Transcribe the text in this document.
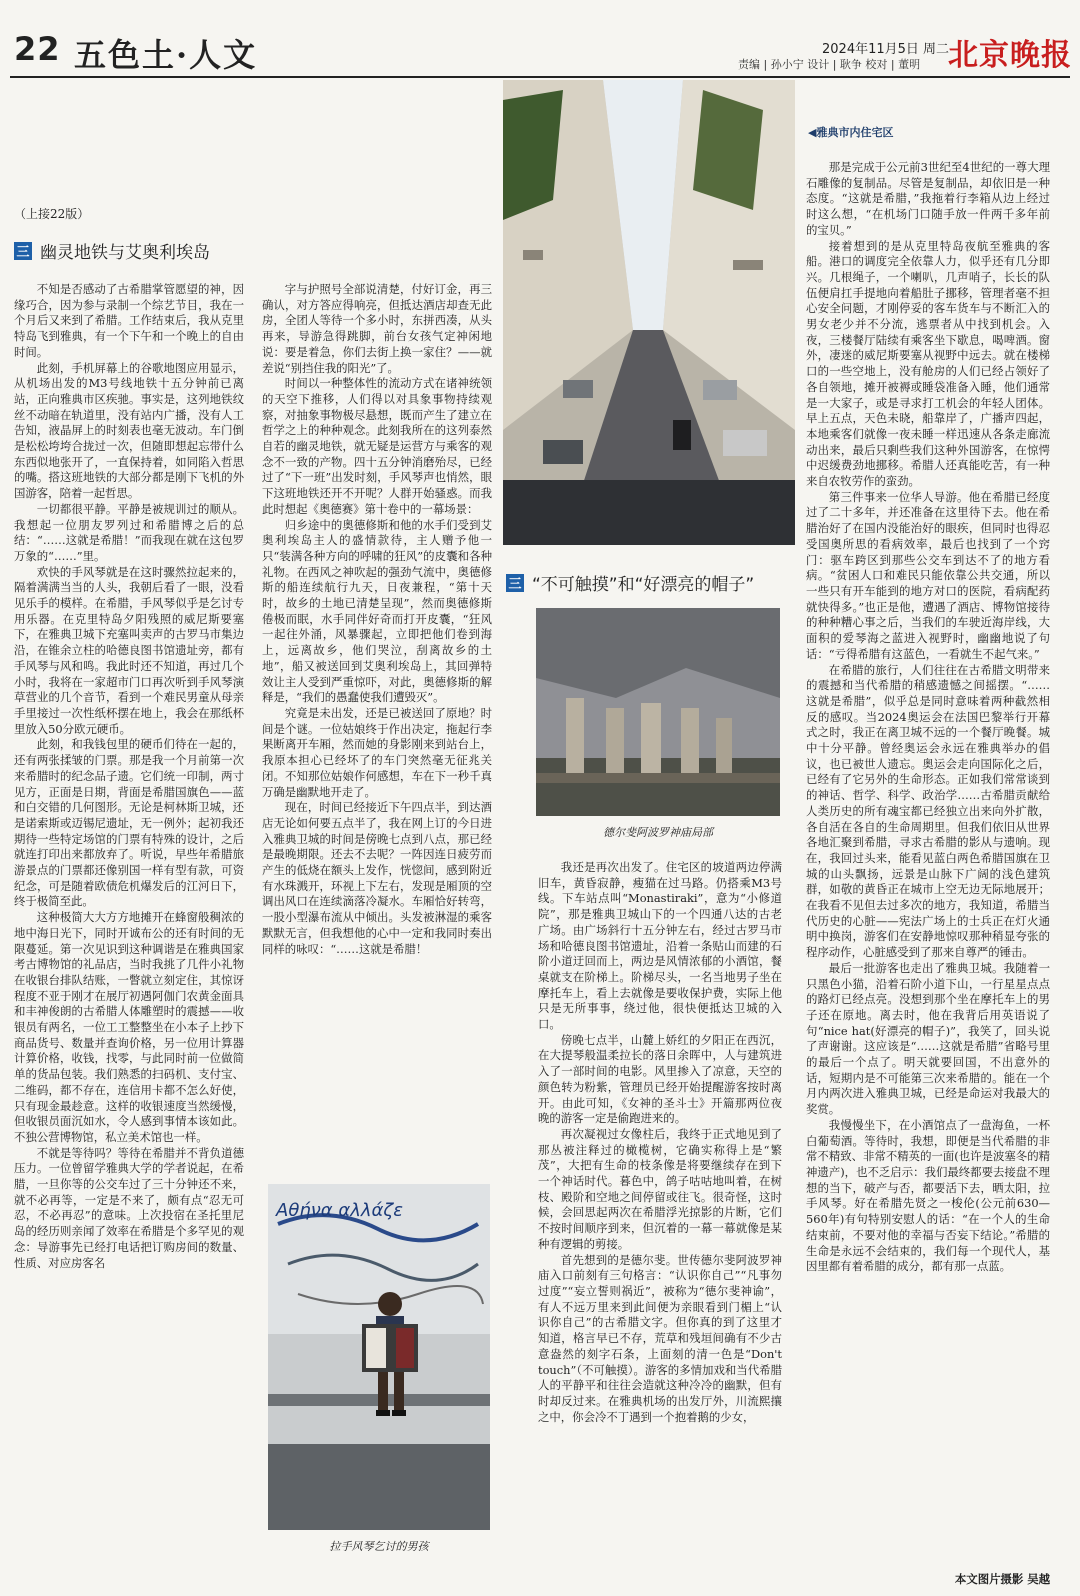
22 五色土·人文	2024年11月5日 周二
责编 | 孙小宁 设计 | 耿争 校对 | 董明 北京晚报
（上接22版）
三 幽灵地铁与艾奥利埃岛

不知是否感动了古希腊掌管愿望的神，因缘巧合，因为参与录制一个综艺节目，我在一个月后又来到了希腊。工作结束后，我从克里特岛飞到雅典，有一个下午和一个晚上的自由时间。

此刻，手机屏幕上的谷歌地图应用显示，从机场出发的M3号线地铁十五分钟前已离站，正向雅典市区疾驰。事实是，这列地铁纹丝不动暗在轨道里，没有站内广播，没有人工告知，液晶屏上的时刻表也毫无波动。车门倒是松松垮垮合拢过一次，但随即想起忘带什么东西似地张开了，一直保持着，如同陷入哲思的嘴。搭这班地铁的大部分都是刚下飞机的外国游客，陪着一起哲思。

一切都很平静。平静是被规训过的顺从。我想起一位朋友罗列过和希腊博之后的总结：“……这就是希腊！”而我现在就在这包罗万象的“……”里。

欢快的手风琴就是在这时骤然拉起来的，隔着满满当当的人头，我朝后看了一眼，没看见乐手的模样。在希腊，手风琴似乎是乞讨专用乐器。在克里特岛夕阳残照的威尼斯要塞下，在雅典卫城下充塞叫卖声的古罗马市集边沿，在锥余立柱的哈德良图书馆遗址旁，都有手风琴与风和鸣。我此时还不知道，再过几个小时，我将在一家超市门口再次听到手风琴演草营业的几个音节，看到一个难民男童从母亲手里接过一次性纸杯摆在地上，我会在那纸杯里放入50分欧元硬币。

此刻，和我钱包里的硬币们待在一起的，还有两张揉皱的门票。那是我一个月前第一次来希腊时的纪念品子遗。它们统一印制，两寸见方，正面是日期，背面是希腊国旗色——蓝和白交错的几何图形。无论是柯林斯卫城，还是诺索斯或迈锡尼遗址，无一例外；起初我还期待一些特定场馆的门票有特殊的设计，之后就连打印出来都放弃了。听说，早些年希腊旅游景点的门票都还像别国一样有型有款，可资纪念，可是随着欧债危机爆发后的江河日下，终于极简至此。

这种极简大大方方地摊开在蜂窗般稠浓的地中海日光下，同时开诚布公的还有时间的无限蔓延。第一次见识到这种调谐是在雅典国家考古博物馆的礼品店，当时我挑了几件小礼物在收银台排队结账，一瞥就立刻定住，其惊讶程度不亚于刚才在展厅初遇阿伽门农黄金面具和丰神俊朗的古希腊人体雕塑时的震撼——收银员有两名，一位工工整整坐在小本子上抄下商品货号、数量并查询价格，另一位用计算器计算价格，收钱，找零，与此同时前一位做简单的货品包装。我们熟悉的扫码机、支付宝、二维码，都不存在，连信用卡都不怎么好使，只有现金最趁意。这样的收银速度当然缓慢，但收银员面沉如水，令人感到事情本该如此。不独公营博物馆，私立美术馆也一样。

不就是等待吗？等待在希腊并不背负道德压力。一位曾留学雅典大学的学者说起，在希腊，一旦你等的公交车过了三十分钟还不来，就不必再等，一定是不来了，颇有点“忍无可忍，不必再忍”的意味。上次投宿在圣托里尼岛的经历则亲闻了效率在希腊是个多罕见的观念：导游事先已经打电话把订购房间的数量、性质、对应房客名

字与护照号全部说清楚，付好订金，再三确认，对方答应得响亮，但抵达酒店却查无此房，全团人等待一个多小时，东拼西凑，从头再来，导游急得跳脚，前台女孩气定神闲地说：要是着急，你们去街上换一家住？——就差说“别挡住我的阳光”了。

时间以一种整体性的流动方式在诸神统领的天空下推移，人们得以对具象事物持续观察，对抽象事物极尽悬想，既而产生了建立在哲学之上的种种观念。此刻我所在的这列泰然自若的幽灵地铁，就无疑是运营方与乘客的观念不一致的产物。四十五分钟消磨殆尽，已经过了“下一班”出发时刻，手风琴声也悄然，眼下这班地铁还开不开呢？人群开始骚惑。而我此时想起《奥德赛》第十卷中的一幕场景：

归乡途中的奥德修斯和他的水手们受到艾奥利埃岛主人的盛情款待，主人赠予他一只“装满各种方向的呼啸的狂风”的皮囊和各种礼物。在西风之神吹起的强劲气流中，奥德修斯的船连续航行九天，日夜兼程，“第十天时，故乡的土地已清楚呈现”，然而奥德修斯倦极而眠，水手同伴好奇而打开皮囊，“狂风一起往外涌，风暴骤起，立即把他们卷到海上，远离故乡，他们哭泣，刮离故乡的土地”，船又被送回到艾奥利埃岛上，其回弹特效让主人受到严重惊吓，对此，奥德修斯的解释是，“我们的愚蠢使我们遭毁灭”。

究竟是未出发，还是已被送回了原地？时间是个谜。一位姑娘终于作出决定，拖起行李果断离开车厢，然而她的身影刚来到站台上，我原本担心已经坏了的车门突然毫无征兆关闭。不知那位姑娘作何感想，车在下一秒千真万确是幽默地开走了。

现在，时间已经接近下午四点半，到达酒店无论如何要五点半了，我在网上订的今日进入雅典卫城的时间是傍晚七点到八点，那已经是最晚期限。还去不去呢？一阵因连日疲劳而产生的低烧在额头上发作，恍惚间，感到附近有水珠溅开，环视上下左右，发现是厢顶的空调出风口在连续滴落冷凝水。车厢恰好转弯，一股小型瀑布流从中倾出。头发被淋湿的乘客默默无言，但我想他的心中一定和我同时奏出同样的咏叹：“……这就是希腊！

Αθήνα αλλάζε
拉手风琴乞讨的男孩
◀雅典市内住宅区
三 “不可触摸”和“好漂亮的帽子”
德尔斐阿波罗神庙局部

我还是再次出发了。住宅区的坡道两边停满旧车，黄昏寂静，瘦猫在过马路。仍搭乘M3号线。下车站点叫“Monastiraki”，意为“小修道院”，那是雅典卫城山下的一个四通八达的古老广场。由广场斜行十五分钟左右，经过古罗马市场和哈德良图书馆遗址，沿着一条贴山而建的石阶小道迂回而上，两边是风情浓郁的小酒馆，餐桌就支在阶梯上。阶梯尽头，一名当地男子坐在摩托车上，看上去就像是要收保护费，实际上他只是无所事事，绕过他，很快便抵达卫城的入口。

傍晚七点半，山麓上娇红的夕阳正在西沉，在大提琴般温柔拉长的落日余晖中，人与建筑进入了一部时间的电影。风里掺入了凉意，天空的颜色转为粉紫，管理员已经开始提醒游客按时离开。由此可知，《女神的圣斗士》开篇那两位夜晚的游客一定是偷跑进来的。

再次凝视过女像柱后，我终于正式地见到了那丛被注释过的橄榄树，它确实称得上是“繁茂”，大把有生命的枝条像是将要继续存在到下一个神话时代。暮色中，鸽子咕咕地叫着，在树枝、殿阶和空地之间停留或往飞。很奇怪，这时候，会回思起两次在希腊浮光掠影的片断，它们不按时间顺序到来，但沉着的一幕一幕就像是某种有逻辑的剪接。

首先想到的是德尔斐。世传德尔斐阿波罗神庙入口前刻有三句格言：“认识你自己”“凡事勿过度”“妄立誓则祸近”，被称为“德尔斐神谕”，有人不远万里来到此间便为亲眼看到门楣上“认识你自己”的古希腊文字。但你真的到了这里才知道，格言早已不存，荒草和残垣间确有不少古意盎然的刻字石条，上面刻的清一色是“Don't touch”（不可触摸）。游客的多情加戏和当代希腊人的平静平和往往会造就这种冷冷的幽默，但有时却反过来。在雅典机场的出发厅外，川流熙攘之中，你会冷不丁遇到一个抱着鹅的少女，

那是完成于公元前3世纪至4世纪的一尊大理石雕像的复制品。尽管是复制品，却依旧是一种态度。“这就是希腊，”我拖着行李箱从边上经过时这么想，“在机场门口随手放一件两千多年前的宝贝。”

接着想到的是从克里特岛夜航至雅典的客船。港口的调度完全依靠人力，似乎还有几分即兴。几根绳子，一个喇叭，几声哨子，长长的队伍便肩扛手提地向着船肚子挪移，管理者毫不担心安全问题，才刚停妥的客车货车与不断汇入的男女老少并不分流，逃票者从中找到机会。入夜，三楼餐厅陆续有乘客坐下歇息，喝啤酒。窗外，凄迷的威尼斯要塞从视野中远去。就在楼梯口的一些空地上，没有舱房的人们已经占领好了各自领地，摊开被褥或睡袋准备入睡，他们通常是一大家子，或是寻求打工机会的年轻人团体。早上五点，天色未晓，船靠岸了，广播声四起，本地乘客们就像一夜未睡一样迅速从各条走廊流动出来，最后只剩些我们这种外国游客，在惊愕中迟缓费劲地挪移。希腊人还真能吃苦，有一种来自农牧劳作的蛮劲。

第三件事来一位华人导游。他在希腊已经度过了二十多年，并还准备在这里待下去。他在希腊治好了在国内没能治好的眼疾，但同时也得忍受国奥所思的看病效率，最后也找到了一个窍门：驱车跨区到那些公交车到达不了的地方看病。“贫困人口和难民只能依靠公共交通，所以一些只有开车能到的地方对口的医院，看病配药就快得多。”也正是他，遭遇了酒店、博物馆接待的种种糟心事之后，当我们的车驶近海岸线，大面积的爱琴海之蓝进入视野时，幽幽地说了句话：“亏得希腊有这蓝色，一看就生不起气来。”

在希腊的旅行，人们往往在古希腊文明带来的震撼和当代希腊的稍感遗憾之间摇摆。“……这就是希腊”，似乎总是同时意味着两种截然相反的感叹。当2024奥运会在法国巴黎举行开幕式之时，我正在离卫城不远的一个餐厅晚餐。城中十分平静。曾经奥运会永远在雅典举办的倡议，也已被世人遗忘。奥运会走向国际化之后，已经有了它另外的生命形态。正如我们常常谈到的神话、哲学、科学、政治学……古希腊贡献给人类历史的所有魂宝都已经独立出来向外扩散，各自活在各自的生命周期里。但我们依旧从世界各地汇聚到希腊，寻求古希腊的影从与遗响。现在，我回过头来，能看见蓝白两色希腊国旗在卫城的山头飘扬，远景是山脉下广阔的浅色建筑群，如敬的黄昏正在城市上空无边无际地展开；在我看不见但去过多次的地方，我知道，希腊当代历史的心脏——宪法广场上的士兵正在灯火通明中换岗，游客们在安静地惊叹那种稍显夸张的程序动作，心脏感受到了那来自尊严的锤击。

最后一批游客也走出了雅典卫城。我随着一只黑色小猫，沿着石阶小道下山，一行星星点点的路灯已经点亮。没想到那个坐在摩托车上的男子还在原地。离去时，他在我背后用英语说了句“nice hat(好漂亮的帽子)”，我笑了，回头说了声谢谢。这应该是“……这就是希腊”省略号里的最后一个点了。明天就要回国，不出意外的话，短期内是不可能第三次来希腊的。能在一个月内两次进入雅典卫城，已经是命运对我最大的奖赏。

我慢慢坐下，在小酒馆点了一盘海鱼，一杯白葡萄酒。等待时，我想，即便是当代希腊的非常不精致、非常不精英的一面(也许是波塞冬的精神遗产)，也不乏启示：我们最终都要去接盘不理想的当下，破产与否，都要活下去，晒太阳，拉手风琴。好在希腊先贤之一梭伦(公元前630—560年)有句特别安慰人的话：“在一个人的生命结束前，不要对他的幸福与否妄下结论。”希腊的生命是永远不会结束的，我们每一个现代人，基因里都有着希腊的成分，都有那一点蓝。

本文图片摄影 吴越
